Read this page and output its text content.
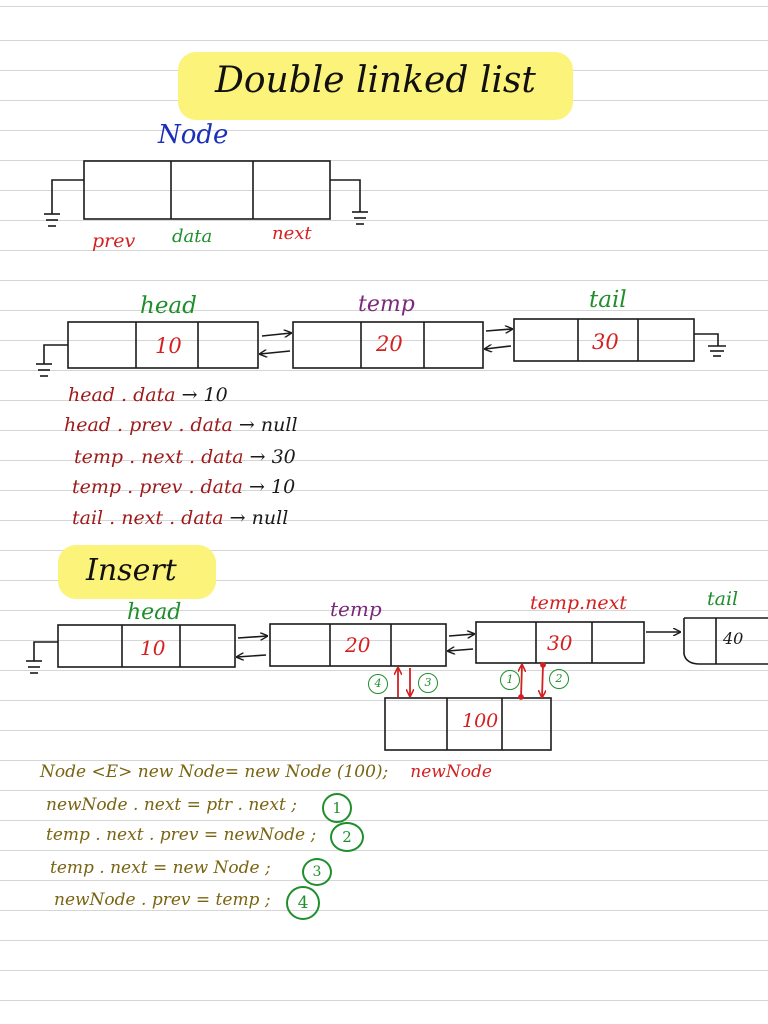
Double linked list
Node
prev data	next
head	temp	tail
10	20	30
head . data → 10
head . prev . data → null
temp . next . data → 30
temp . prev . data → 10
tail . next . data → null
Insert
head	temp	temp.next	tail
10	20	30	40
100
4	3	1	2
Node <E> new Node= new Node (100); newNode
newNode . next = ptr . next ;
temp . next . prev = newNode ;
temp . next = new Node ;
newNode . prev = temp ;
1
2
3
4
